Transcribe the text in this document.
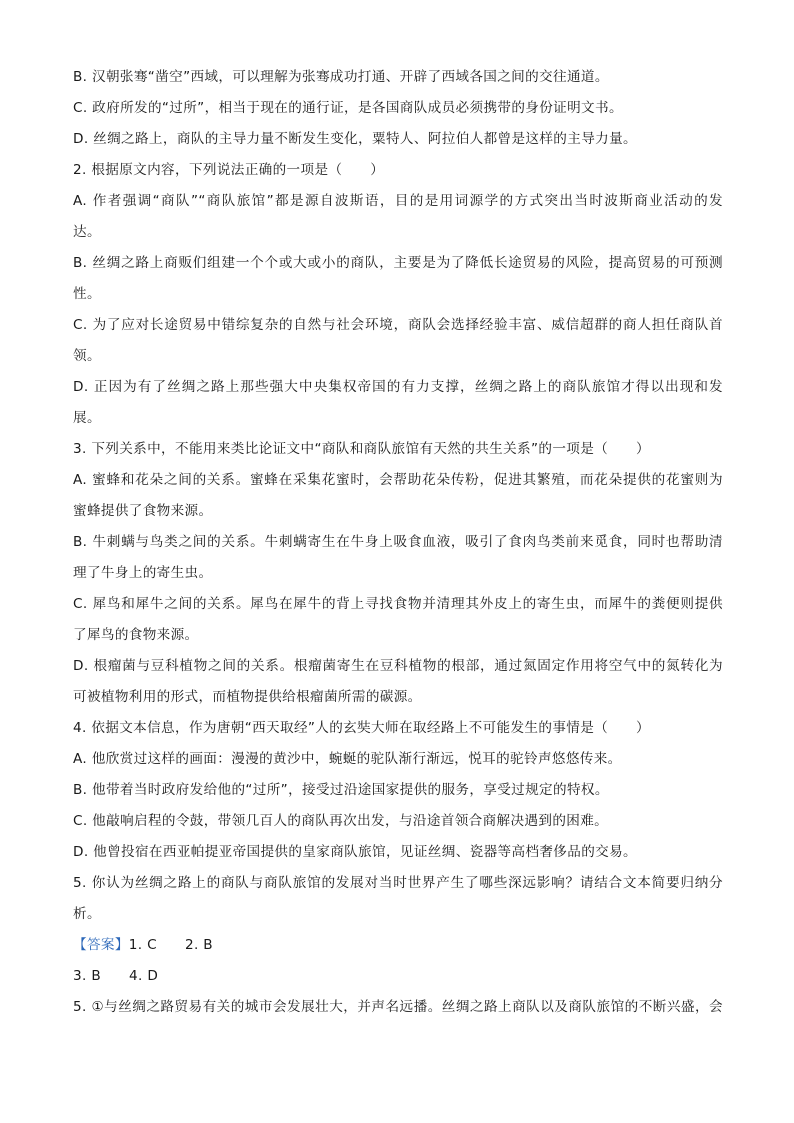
B. 汉朝张骞“凿空”西域，可以理解为张骞成功打通、开辟了西域各国之间的交往通道。
C. 政府所发的“过所”，相当于现在的通行证，是各国商队成员必须携带的身份证明文书。
D. 丝绸之路上，商队的主导力量不断发生变化，粟特人、阿拉伯人都曾是这样的主导力量。
2. 根据原文内容，下列说法正确的一项是（　　）
A. 作者强调“商队”“商队旅馆”都是源自波斯语，目的是用词源学的方式突出当时波斯商业活动的发
达。
B. 丝绸之路上商贩们组建一个个或大或小的商队，主要是为了降低长途贸易的风险，提高贸易的可预测
性。
C. 为了应对长途贸易中错综复杂的自然与社会环境，商队会选择经验丰富、威信超群的商人担任商队首
领。
D. 正因为有了丝绸之路上那些强大中央集权帝国的有力支撑，丝绸之路上的商队旅馆才得以出现和发
展。
3. 下列关系中，不能用来类比论证文中“商队和商队旅馆有天然的共生关系”的一项是（　　）
A. 蜜蜂和花朵之间的关系。蜜蜂在采集花蜜时，会帮助花朵传粉，促进其繁殖，而花朵提供的花蜜则为
蜜蜂提供了食物来源。
B. 牛刺螨与鸟类之间的关系。牛刺螨寄生在牛身上吸食血液，吸引了食肉鸟类前来觅食，同时也帮助清
理了牛身上的寄生虫。
C. 犀鸟和犀牛之间的关系。犀鸟在犀牛的背上寻找食物并清理其外皮上的寄生虫，而犀牛的粪便则提供
了犀鸟的食物来源。
D. 根瘤菌与豆科植物之间的关系。根瘤菌寄生在豆科植物的根部，通过氮固定作用将空气中的氮转化为
可被植物利用的形式，而植物提供给根瘤菌所需的碳源。
4. 依据文本信息，作为唐朝“西天取经”人的玄奘大师在取经路上不可能发生的事情是（　　）
A. 他欣赏过这样的画面：漫漫的黄沙中，蜿蜒的驼队渐行渐远，悦耳的驼铃声悠悠传来。
B. 他带着当时政府发给他的“过所”，接受过沿途国家提供的服务，享受过规定的特权。
C. 他敲响启程的令鼓，带领几百人的商队再次出发，与沿途首领合商解决遇到的困难。
D. 他曾投宿在西亚帕提亚帝国提供的皇家商队旅馆，见证丝绸、瓷器等高档奢侈品的交易。
5. 你认为丝绸之路上的商队与商队旅馆的发展对当时世界产生了哪些深远影响？请结合文本简要归纳分
析。
【答案】1. C 2. B
3. B 4. D
5. ①与丝绸之路贸易有关的城市会发展壮大，并声名远播。丝绸之路上商队以及商队旅馆的不断兴盛，会
